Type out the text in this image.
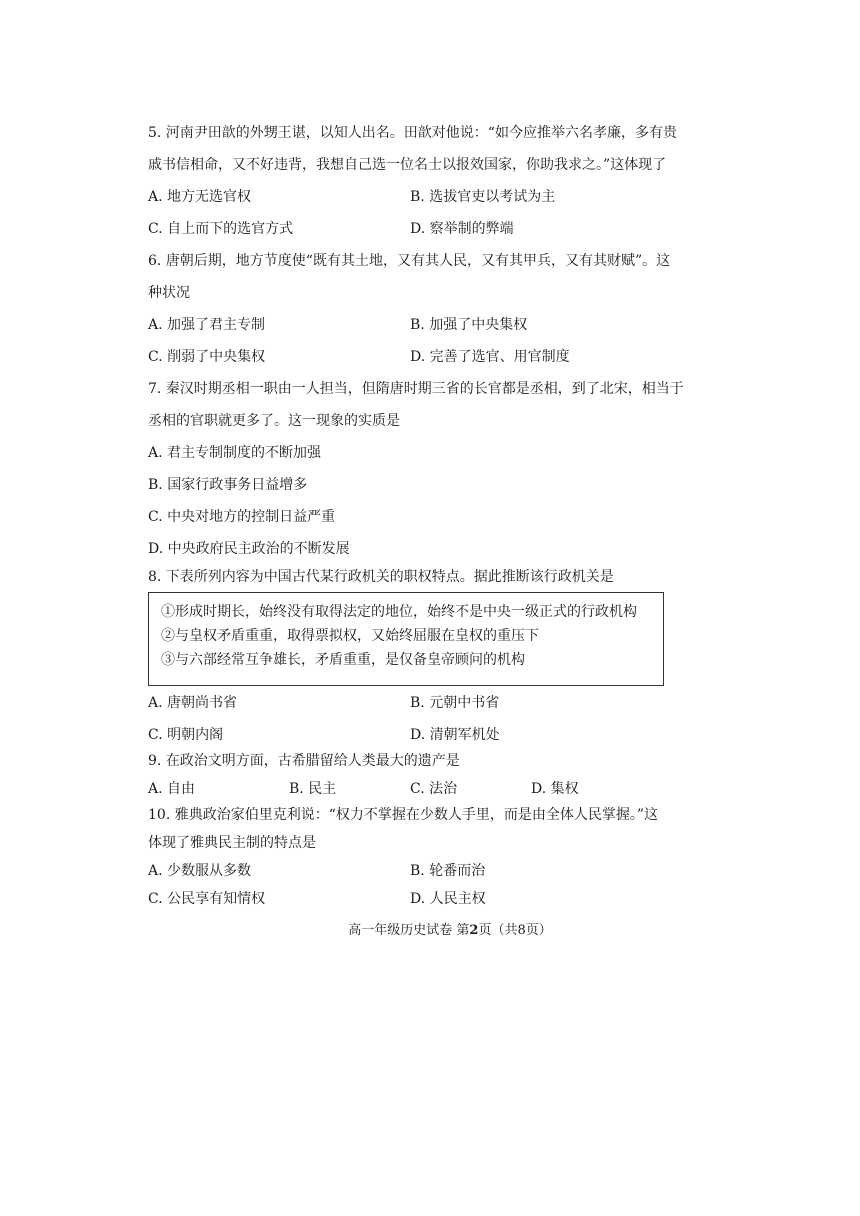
5. 河南尹田歆的外甥王谌，以知人出名。田歆对他说：“如今应推举六名孝廉，多有贵
戚书信相命，又不好违背，我想自己选一位名士以报效国家，你助我求之。”这体现了
A. 地方无选官权	B. 选拔官吏以考试为主
C. 自上而下的选官方式	D. 察举制的弊端
6. 唐朝后期，地方节度使“既有其土地，又有其人民，又有其甲兵，又有其财赋”。这
种状况
A. 加强了君主专制	B. 加强了中央集权
C. 削弱了中央集权	D. 完善了选官、用官制度
7. 秦汉时期丞相一职由一人担当，但隋唐时期三省的长官都是丞相，到了北宋，相当于
丞相的官职就更多了。这一现象的实质是
A. 君主专制制度的不断加强
B. 国家行政事务日益增多
C. 中央对地方的控制日益严重
D. 中央政府民主政治的不断发展
8. 下表所列内容为中国古代某行政机关的职权特点。据此推断该行政机关是
①形成时期长，始终没有取得法定的地位，始终不是中央一级正式的行政机构
②与皇权矛盾重重，取得票拟权，又始终屈服在皇权的重压下
③与六部经常互争雄长，矛盾重重，是仅备皇帝顾问的机构
A. 唐朝尚书省	B. 元朝中书省
C. 明朝内阁	D. 清朝军机处
9. 在政治文明方面，古希腊留给人类最大的遗产是
A. 自由	B. 民主	C. 法治	D. 集权
10. 雅典政治家伯里克利说：“权力不掌握在少数人手里，而是由全体人民掌握。”这
体现了雅典民主制的特点是
A. 少数服从多数	B. 轮番而治
C. 公民享有知情权	D. 人民主权
高一年级历史试卷 第2页（共8页）
